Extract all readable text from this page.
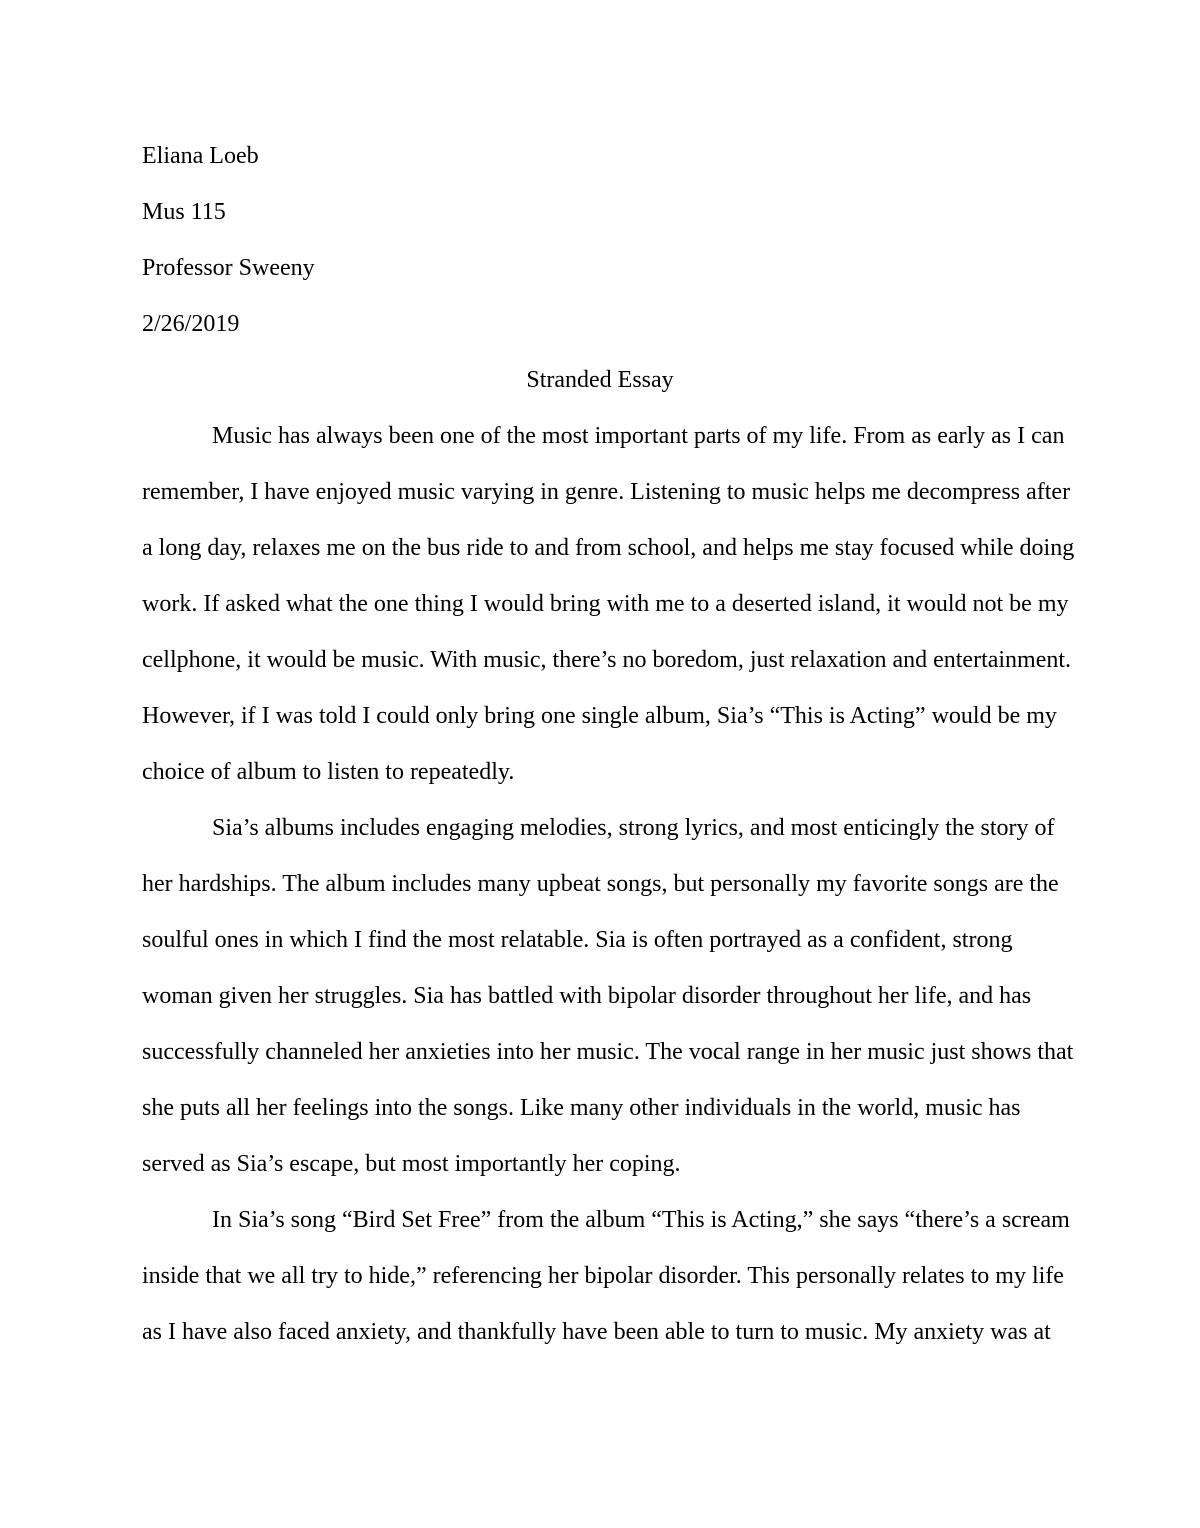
Eliana Loeb
Mus 115
Professor Sweeny
2/26/2019
Stranded Essay
Music has always been one of the most important parts of my life. From as early as I can
remember, I have enjoyed music varying in genre. Listening to music helps me decompress after
a long day, relaxes me on the bus ride to and from school, and helps me stay focused while doing
work. If asked what the one thing I would bring with me to a deserted island, it would not be my
cellphone, it would be music. With music, there’s no boredom, just relaxation and entertainment.
However, if I was told I could only bring one single album, Sia’s “This is Acting” would be my
choice of album to listen to repeatedly.
Sia’s albums includes engaging melodies, strong lyrics, and most enticingly the story of
her hardships. The album includes many upbeat songs, but personally my favorite songs are the
soulful ones in which I find the most relatable. Sia is often portrayed as a confident, strong
woman given her struggles. Sia has battled with bipolar disorder throughout her life, and has
successfully channeled her anxieties into her music. The vocal range in her music just shows that
she puts all her feelings into the songs. Like many other individuals in the world, music has
served as Sia’s escape, but most importantly her coping.
In Sia’s song “Bird Set Free” from the album “This is Acting,” she says “there’s a scream
inside that we all try to hide,” referencing her bipolar disorder. This personally relates to my life
as I have also faced anxiety, and thankfully have been able to turn to music. My anxiety was at
